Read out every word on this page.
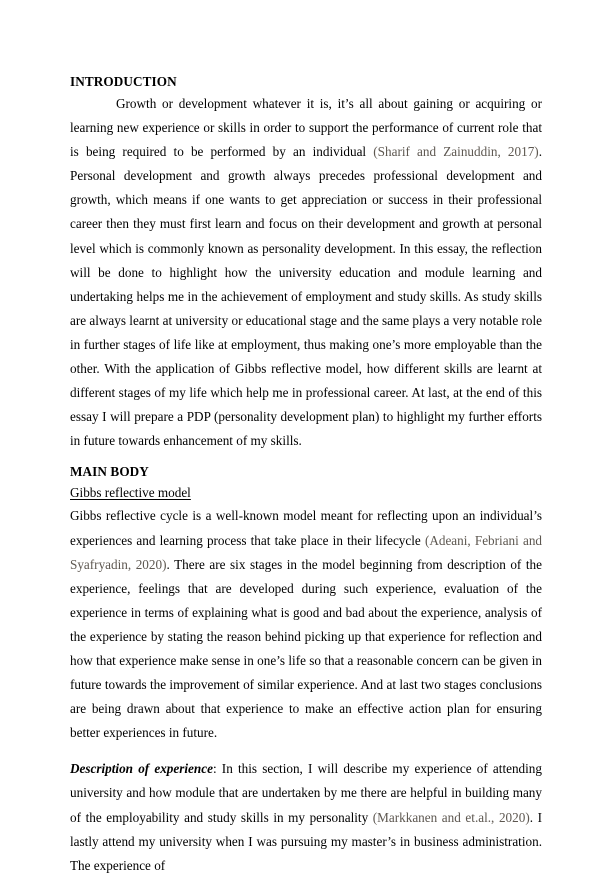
INTRODUCTION

Growth or development whatever it is, it’s all about gaining or acquiring or learning new experience or skills in order to support the performance of current role that is being required to be performed by an individual (Sharif and Zainuddin, 2017). Personal development and growth always precedes professional development and growth, which means if one wants to get appreciation or success in their professional career then they must first learn and focus on their development and growth at personal level which is commonly known as personality development. In this essay, the reflection will be done to highlight how the university education and module learning and undertaking helps me in the achievement of employment and study skills. As study skills are always learnt at university or educational stage and the same plays a very notable role in further stages of life like at employment, thus making one’s more employable than the other. With the application of Gibbs reflective model, how different skills are learnt at different stages of my life which help me in professional career. At last, at the end of this essay I will prepare a PDP (personality development plan) to highlight my further efforts in future towards enhancement of my skills.

MAIN BODY
Gibbs reflective model

Gibbs reflective cycle is a well-known model meant for reflecting upon an individual’s experiences and learning process that take place in their lifecycle (Adeani, Febriani and Syafryadin, 2020). There are six stages in the model beginning from description of the experience, feelings that are developed during such experience, evaluation of the experience in terms of explaining what is good and bad about the experience, analysis of the experience by stating the reason behind picking up that experience for reflection and how that experience make sense in one’s life so that a reasonable concern can be given in future towards the improvement of similar experience. And at last two stages conclusions are being drawn about that experience to make an effective action plan for ensuring better experiences in future.

Description of experience: In this section, I will describe my experience of attending university and how module that are undertaken by me there are helpful in building many of the employability and study skills in my personality (Markkanen and et.al., 2020). I lastly attend my university when I was pursuing my master’s in business administration. The experience of
